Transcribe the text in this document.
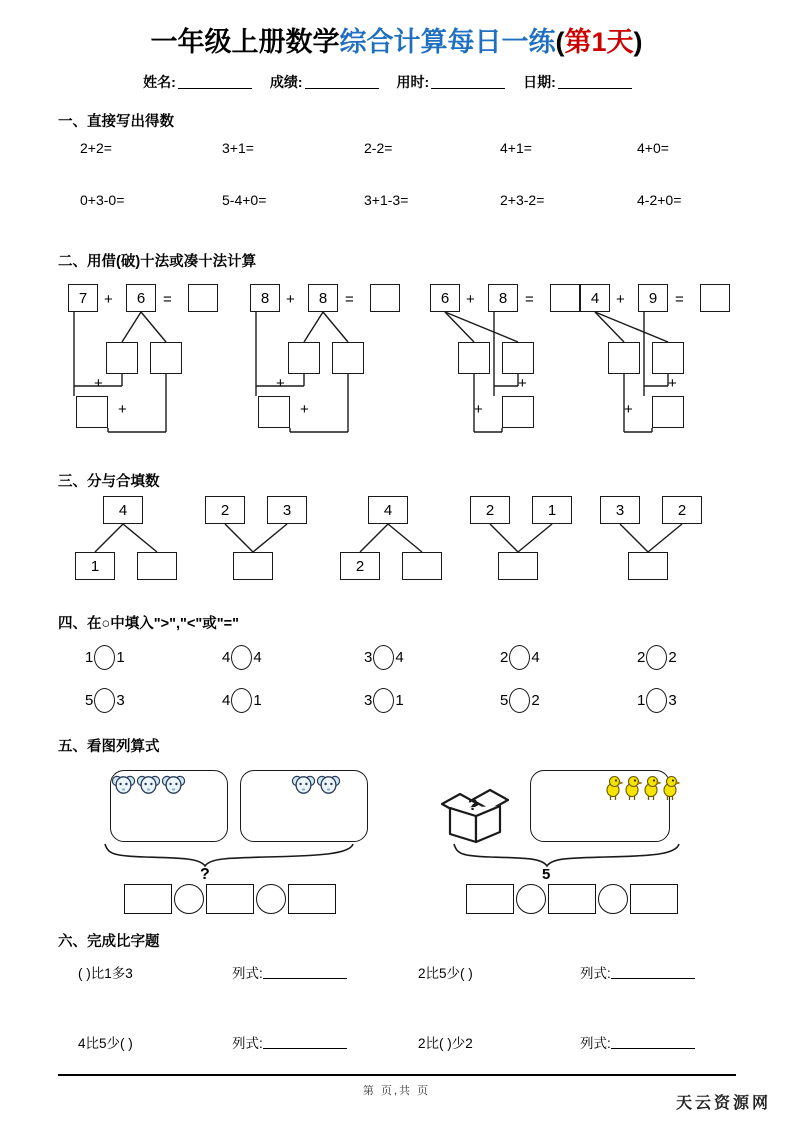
一年级上册数学综合计算每日一练(第1天)
姓名:	成绩:	用时:	日期:
一、直接写出得数
2+2=	3+1=	2-2=	4+1=	4+0=
0+3-0=	5-4+0=	3+1-3=	2+3-2=	4-2+0=
二、用借(破)十法或凑十法计算
7	+	6	=
+
+
8	+	8	=
+
+
6	+	8	=
+
+
4	+	9	=
+
+
三、分与合填数
4
1
2	3	4
2
2	1	3	2
四、在○中填入">","<"或"="
1 1	4 4	3 4	2 4	2 2
5 3	4 1	3 1	5 2	1 3
五、看图列算式
?
?
5
六、完成比字题
( )比1多3	列式:	2比5少( )	列式:
4比5少( )	列式:	2比( )少2	列式:
第 页,共 页
天云资源网
